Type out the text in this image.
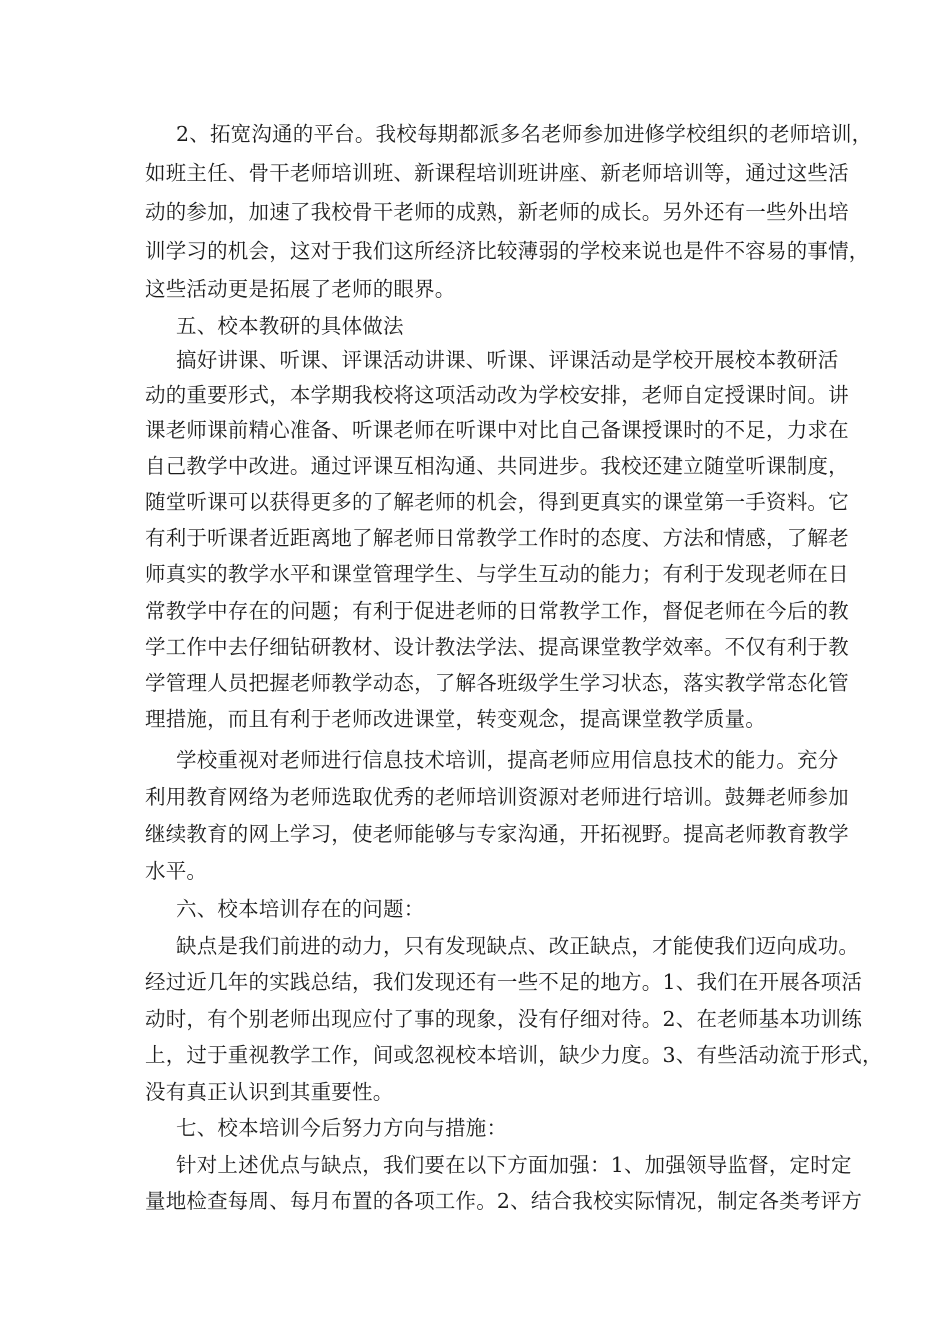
2、拓宽沟通的平台。我校每期都派多名老师参加进修学校组织的老师培训，
如班主任、骨干老师培训班、新课程培训班讲座、新老师培训等，通过这些活
动的参加，加速了我校骨干老师的成熟，新老师的成长。另外还有一些外出培
训学习的机会，这对于我们这所经济比较薄弱的学校来说也是件不容易的事情，
这些活动更是拓展了老师的眼界。
五、校本教研的具体做法
搞好讲课、听课、评课活动讲课、听课、评课活动是学校开展校本教研活
动的重要形式，本学期我校将这项活动改为学校安排，老师自定授课时间。讲
课老师课前精心准备、听课老师在听课中对比自己备课授课时的不足，力求在
自己教学中改进。通过评课互相沟通、共同进步。我校还建立随堂听课制度，
随堂听课可以获得更多的了解老师的机会，得到更真实的课堂第一手资料。它
有利于听课者近距离地了解老师日常教学工作时的态度、方法和情感，了解老
师真实的教学水平和课堂管理学生、与学生互动的能力；有利于发现老师在日
常教学中存在的问题；有利于促进老师的日常教学工作，督促老师在今后的教
学工作中去仔细钻研教材、设计教法学法、提高课堂教学效率。不仅有利于教
学管理人员把握老师教学动态，了解各班级学生学习状态，落实教学常态化管
理措施，而且有利于老师改进课堂，转变观念，提高课堂教学质量。
学校重视对老师进行信息技术培训，提高老师应用信息技术的能力。充分
利用教育网络为老师选取优秀的老师培训资源对老师进行培训。鼓舞老师参加
继续教育的网上学习，使老师能够与专家沟通，开拓视野。提高老师教育教学
水平。
六、校本培训存在的问题：
缺点是我们前进的动力，只有发现缺点、改正缺点，才能使我们迈向成功。
经过近几年的实践总结，我们发现还有一些不足的地方。1、我们在开展各项活
动时，有个别老师出现应付了事的现象，没有仔细对待。2、在老师基本功训练
上，过于重视教学工作，间或忽视校本培训，缺少力度。3、有些活动流于形式，
没有真正认识到其重要性。
七、校本培训今后努力方向与措施：
针对上述优点与缺点，我们要在以下方面加强：1、加强领导监督，定时定
量地检查每周、每月布置的各项工作。2、结合我校实际情况，制定各类考评方
